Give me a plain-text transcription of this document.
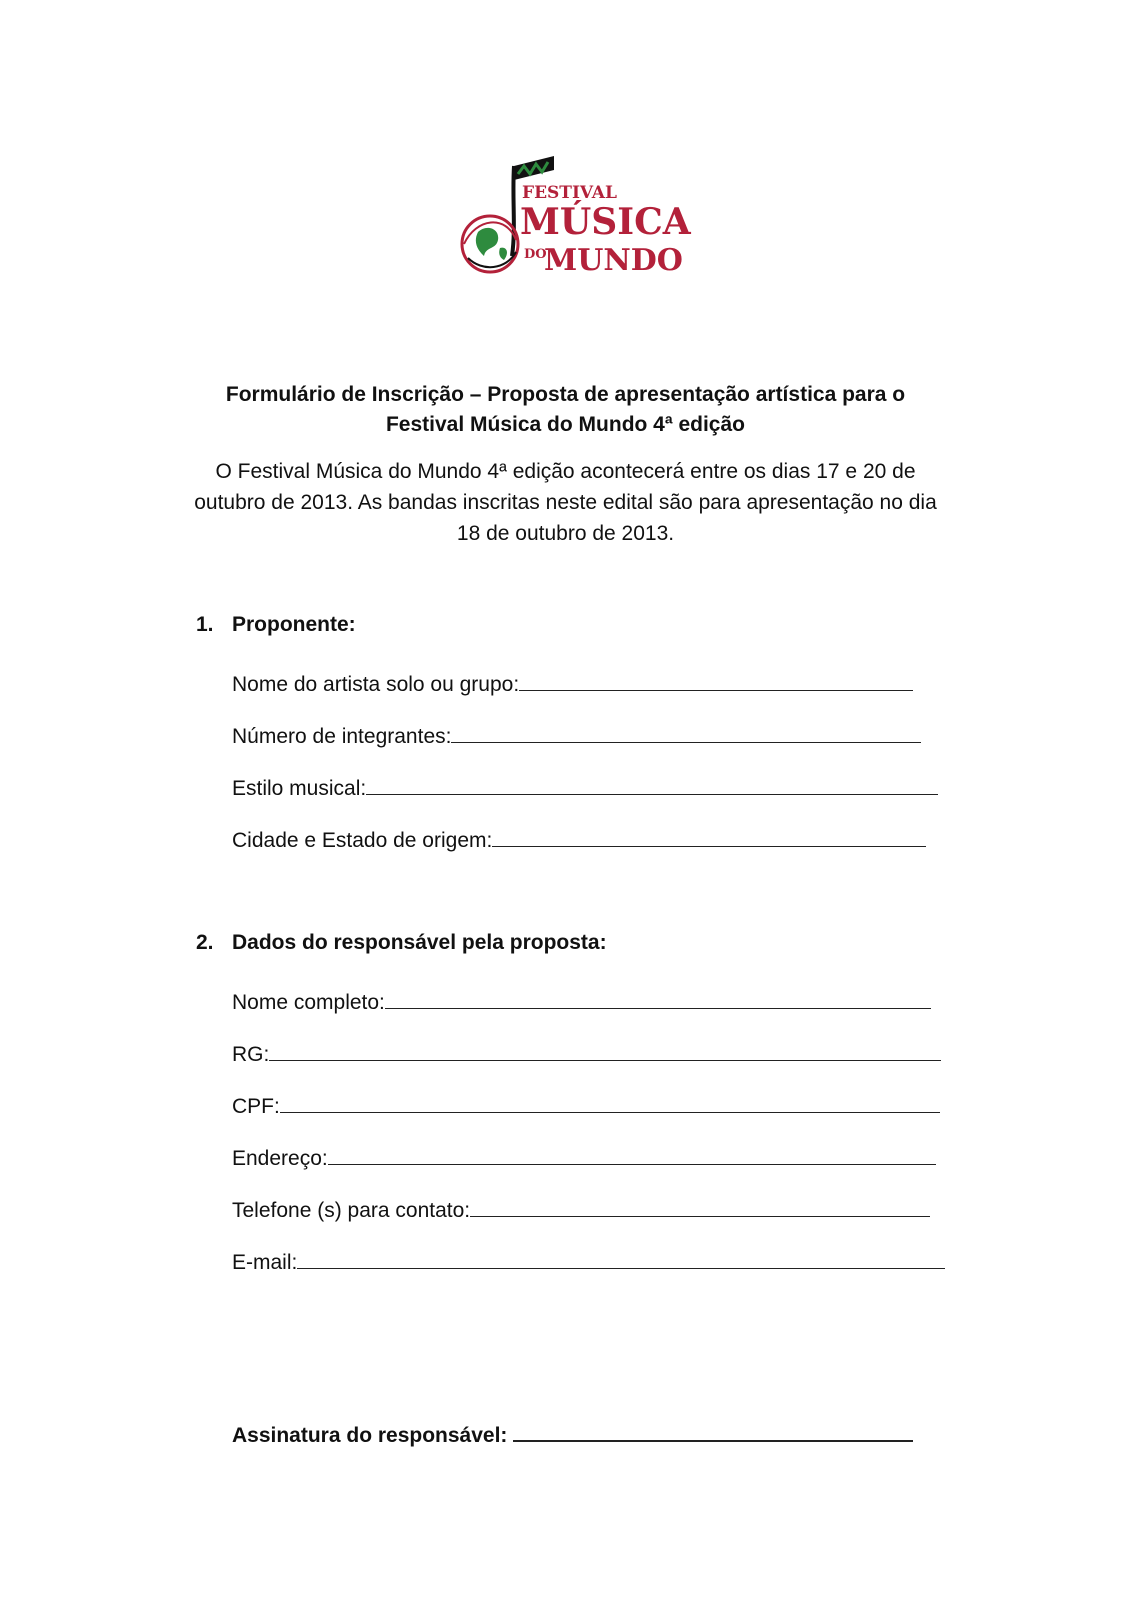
FESTIVAL
MÚSICA
DO
MUNDO
Formulário de Inscrição – Proposta de apresentação artística para o
Festival Música do Mundo 4ª edição
O Festival Música do Mundo 4ª edição acontecerá entre os dias 17 e 20 de
outubro de 2013. As bandas inscritas neste edital são para apresentação no dia
18 de outubro de 2013.
1. Proponente:
Nome do artista solo ou grupo:
Número de integrantes:
Estilo musical:
Cidade e Estado de origem:
2. Dados do responsável pela proposta:
Nome completo:
RG:
CPF:
Endereço:
Telefone (s) para contato:
E-mail:
Assinatura do responsável:
